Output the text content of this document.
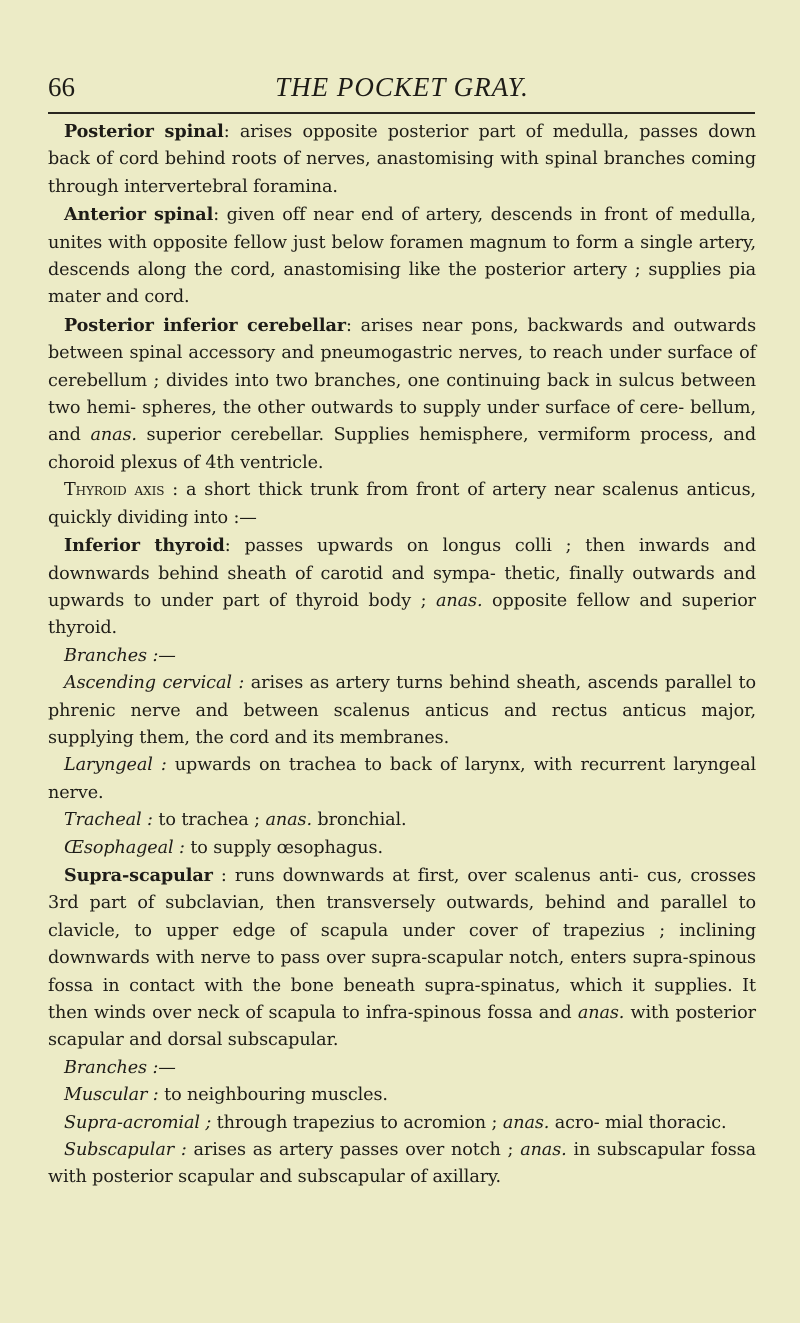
66	THE POCKET GRAY.

Posterior spinal: arises opposite posterior part of medulla, passes down back of cord behind roots of nerves, anastomising with spinal branches coming through intervertebral foramina.

Anterior spinal: given off near end of artery, descends in front of medulla, unites with opposite fellow just below foramen magnum to form a single artery, descends along the cord, anastomising like the posterior artery ; supplies pia mater and cord.

Posterior inferior cerebellar: arises near pons, backwards and outwards between spinal accessory and pneumogastric nerves, to reach under surface of cerebellum ; divides into two branches, one continuing back in sulcus between two hemi- spheres, the other outwards to supply under surface of cere- bellum, and anas. superior cerebellar. Supplies hemisphere, vermiform process, and choroid plexus of 4th ventricle.

Thyroid axis : a short thick trunk from front of artery near scalenus anticus, quickly dividing into :—

Inferior thyroid: passes upwards on longus colli ; then inwards and downwards behind sheath of carotid and sympa- thetic, finally outwards and upwards to under part of thyroid body ; anas. opposite fellow and superior thyroid.

Branches :—

Ascending cervical : arises as artery turns behind sheath, ascends parallel to phrenic nerve and between scalenus anticus and rectus anticus major, supplying them, the cord and its membranes.

Laryngeal : upwards on trachea to back of larynx, with recurrent laryngeal nerve.

Tracheal : to trachea ; anas. bronchial.

Œsophageal : to supply œsophagus.

Supra-scapular : runs downwards at first, over scalenus anti- cus, crosses 3rd part of subclavian, then transversely outwards, behind and parallel to clavicle, to upper edge of scapula under cover of trapezius ; inclining downwards with nerve to pass over supra-scapular notch, enters supra-spinous fossa in contact with the bone beneath supra-spinatus, which it supplies. It then winds over neck of scapula to infra-spinous fossa and anas. with posterior scapular and dorsal subscapular.

Branches :—

Muscular : to neighbouring muscles.

Supra-acromial ; through trapezius to acromion ; anas. acro- mial thoracic.

Subscapular : arises as artery passes over notch ; anas. in subscapular fossa with posterior scapular and subscapular of axillary.
